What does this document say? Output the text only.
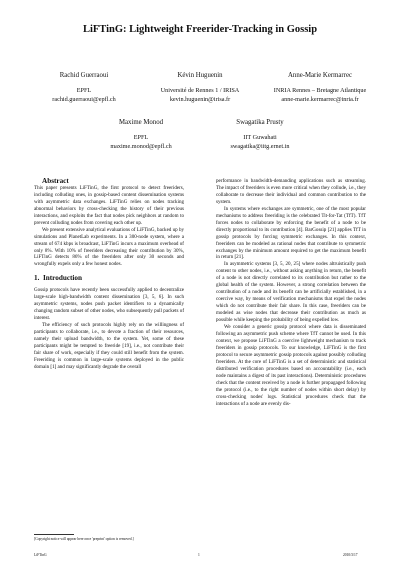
LiFTinG: Lightweight Freerider-Tracking in Gossip
Rachid Guerraoui
EPFL
rachid.guerraoui@epfl.ch
Kévin Huguenin
Université de Rennes 1 / IRISA
kevin.huguenin@irisa.fr
Anne-Marie Kermarrec
INRIA Rennes – Bretagne Atlantique
anne-marie.kermarrec@inria.fr
Maxime Monod
EPFL
maxime.monod@epfl.ch
Swagatika Prusty
IIT Guwahati
swagatika@iitg.ernet.in

Abstract

This paper presents LiFTinG, the first protocol to detect freeriders, including colluding ones, in gossip-based content dissemination systems with asymmetric data exchanges. LiFTinG relies on nodes tracking abnormal behaviors by cross-checking the history of their previous interactions, and exploits the fact that nodes pick neighbors at random to prevent colluding nodes from covering each other up.

We present extensive analytical evaluations of LiFTinG, backed up by simulations and PlanetLab experiments. In a 300-node system, where a stream of 674 kbps is broadcast, LiFTinG incurs a maximum overhead of only 8%. With 10% of freeriders decreasing their contribution by 30%, LiFTinG detects 86% of the freeriders after only 30 seconds and wrongfully expels only a few honest nodes.

1. Introduction

Gossip protocols have recently been successfully applied to decentralize large-scale high-bandwidth content dissemination [3, 5, 6]. In such asymmetric systems, nodes push packet identifiers to a dynamically changing random subset of other nodes, who subsequently pull packets of interest.

The efficiency of such protocols highly rely on the willingness of participants to collaborate, i.e., to devote a fraction of their resources, namely their upload bandwidth, to the system. Yet, some of these participants might be tempted to freeride [19], i.e., not contribute their fair share of work, especially if they could still benefit from the system. Freeriding is common in large-scale systems deployed in the public domain [1] and may significantly degrade the overall

performance in bandwidth-demanding applications such as streaming. The impact of freeriders is even more critical when they collude, i.e., they collaborate to decrease their individual and common contribution to the system.

In systems where exchanges are symmetric, one of the most popular mechanisms to address freeriding is the celebrated Tit-for-Tat (TfT). TfT forces nodes to collaborate by enforcing the benefit of a node to be directly proportional to its contribution [4]. BarGossip [21] applies TfT in gossip protocols by forcing symmetric exchanges. In this context, freeriders can be modeled as rational nodes that contribute to symmetric exchanges by the minimum amount required to get the maximum benefit in return [21].

In asymmetric systems [3, 5, 20, 25] where nodes altruistically push content to other nodes, i.e., without asking anything in return, the benefit of a node is not directly correlated to its contribution but rather to the global health of the system. However, a strong correlation between the contribution of a node and its benefit can be artificially established, in a coercive way, by means of verification mechanisms that expel the nodes which do not contribute their fair share. In this case, freeriders can be modeled as wise nodes that decrease their contribution as much as possible while keeping the probability of being expelled low.

We consider a generic gossip protocol where data is disseminated following an asymmetric push scheme where TfT cannot be used. In this context, we propose LiFTinG a coercive lightweight mechanism to track freeriders in gossip protocols. To our knowledge, LiFTinG is the first protocol to secure asymmetric gossip protocols against possibly colluding freeriders. At the core of LiFTinG is a set of deterministic and statistical distributed verification procedures based on accountability (i.e., each node maintains a digest of its past interactions). Deterministic procedures check that the content received by a node is further propagaged following the protocol (i.e., to the right number of nodes within short delay) by cross-checking nodes' logs. Statistical procedures check that the interactions of a node are evenly dis-

[Copyright notice will appear here once 'preprint' option is removed.]
LiFTinG	1	2010/3/17
